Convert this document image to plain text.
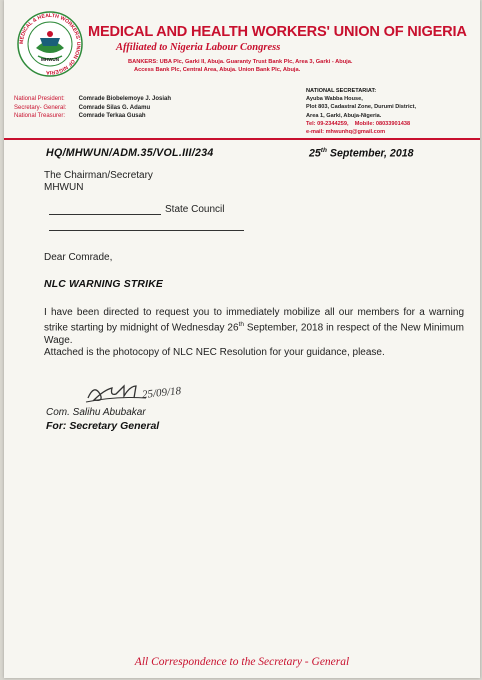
MEDICAL & HEALTH WORKERS' UNION OF NIGERIA
MHWUN
MEDICAL AND HEALTH WORKERS' UNION OF NIGERIA
Affiliated to Nigeria Labour Congress
BANKERS: UBA Plc, Garki II, Abuja. Guaranty Trust Bank Plc, Area 3, Garki - Abuja.
Access Bank Plc, Central Area, Abuja. Union Bank Plc, Abuja.
National President: Comrade Biobelemoye J. Josiah
Secretary- General: Comrade Silas G. Adamu
National Treasurer: Comrade Terkaa Gusah
NATIONAL SECRETARIAT:
Ayuba Wabba House,
Plot 803, Cadastral Zone, Durumi District,
Area 1, Garki, Abuja-Nigeria.
Tel: 09-2344259,    Mobile: 08033901438
e-mail: mhwunhq@gmail.com
HQ/MHWUN/ADM.35/VOL.III/234	25th September, 2018
The Chairman/Secretary
MHWUN
State Council
Dear Comrade,
NLC WARNING STRIKE
I have been directed to request you to immediately mobilize all our members for a warning strike starting by midnight of Wednesday 26th September, 2018 in respect of the New Minimum Wage.
Attached is the photocopy of NLC NEC Resolution for your guidance, please.
25/09/18
Com. Salihu Abubakar
For: Secretary General
All Correspondence to the Secretary - General
